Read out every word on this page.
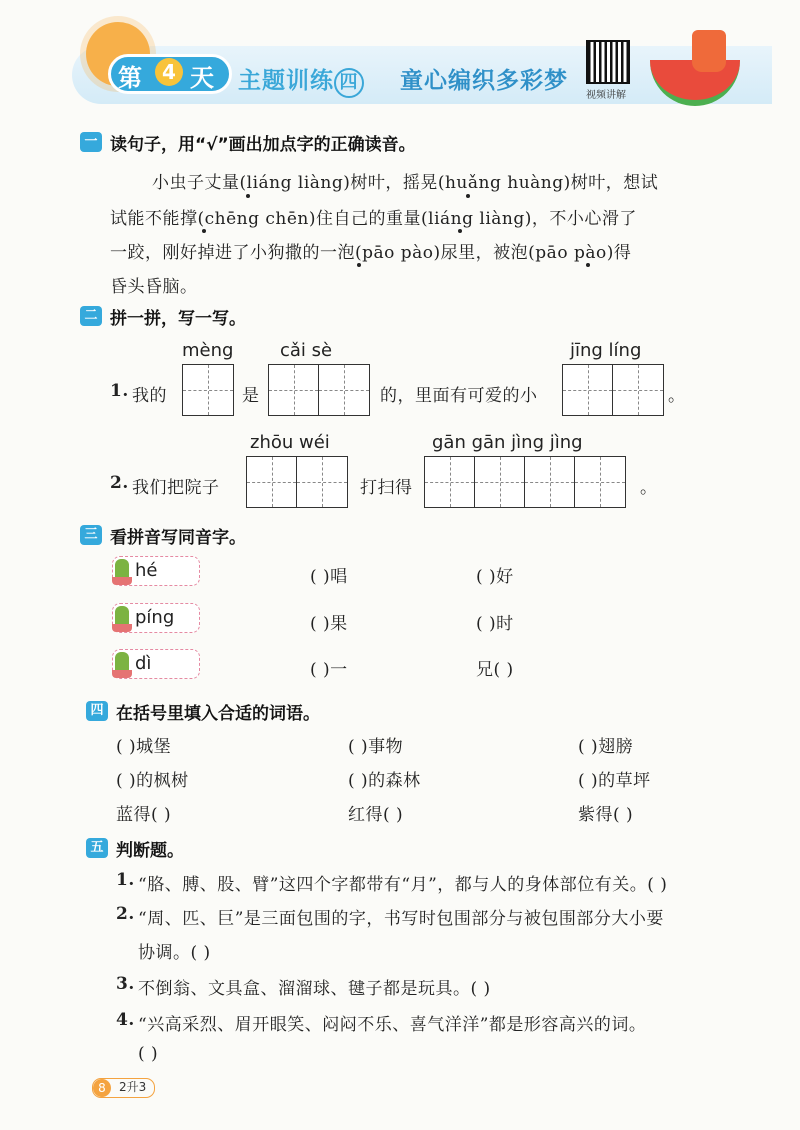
第	4 天 主题训练 四 童心编织多彩梦
视频讲解
一 读句子，用“√”画出加点字的正确读音。
小虫子丈量(liáng liàng)树叶，摇晃(huǎng huàng)树叶，想试
试能不能撑(chēng chēn)住自己的重量(liáng liàng)，不小心滑了
一跤，刚好掉进了小狗撒的一泡(pāo pào)尿里，被泡(pāo pào)得
昏头昏脑。
二 拼一拼，写一写。
mèng	cǎi sè	jīng líng
1. 我的	是	的，里面有可爱的小	。
zhōu wéi	gān gān jìng jìng
2. 我们把院子	打扫得	。
三 看拼音写同音字。
hé	( )唱	( )好
píng	( )果	( )时
dì	( )一	兄( )
四 在括号里填入合适的词语。
( )城堡	( )事物	( )翅膀
( )的枫树	( )的森林	( )的草坪
蓝得( )	红得( )	紫得( )
五 判断题。
1. “胳、膊、股、臂”这四个字都带有“月”，都与人的身体部位有关。( )
2. “周、匹、巨”是三面包围的字，书写时包围部分与被包围部分大小要
协调。( )
3. 不倒翁、文具盒、溜溜球、毽子都是玩具。( )
4. “兴高采烈、眉开眼笑、闷闷不乐、喜气洋洋”都是形容高兴的词。
( )
2升3
8
